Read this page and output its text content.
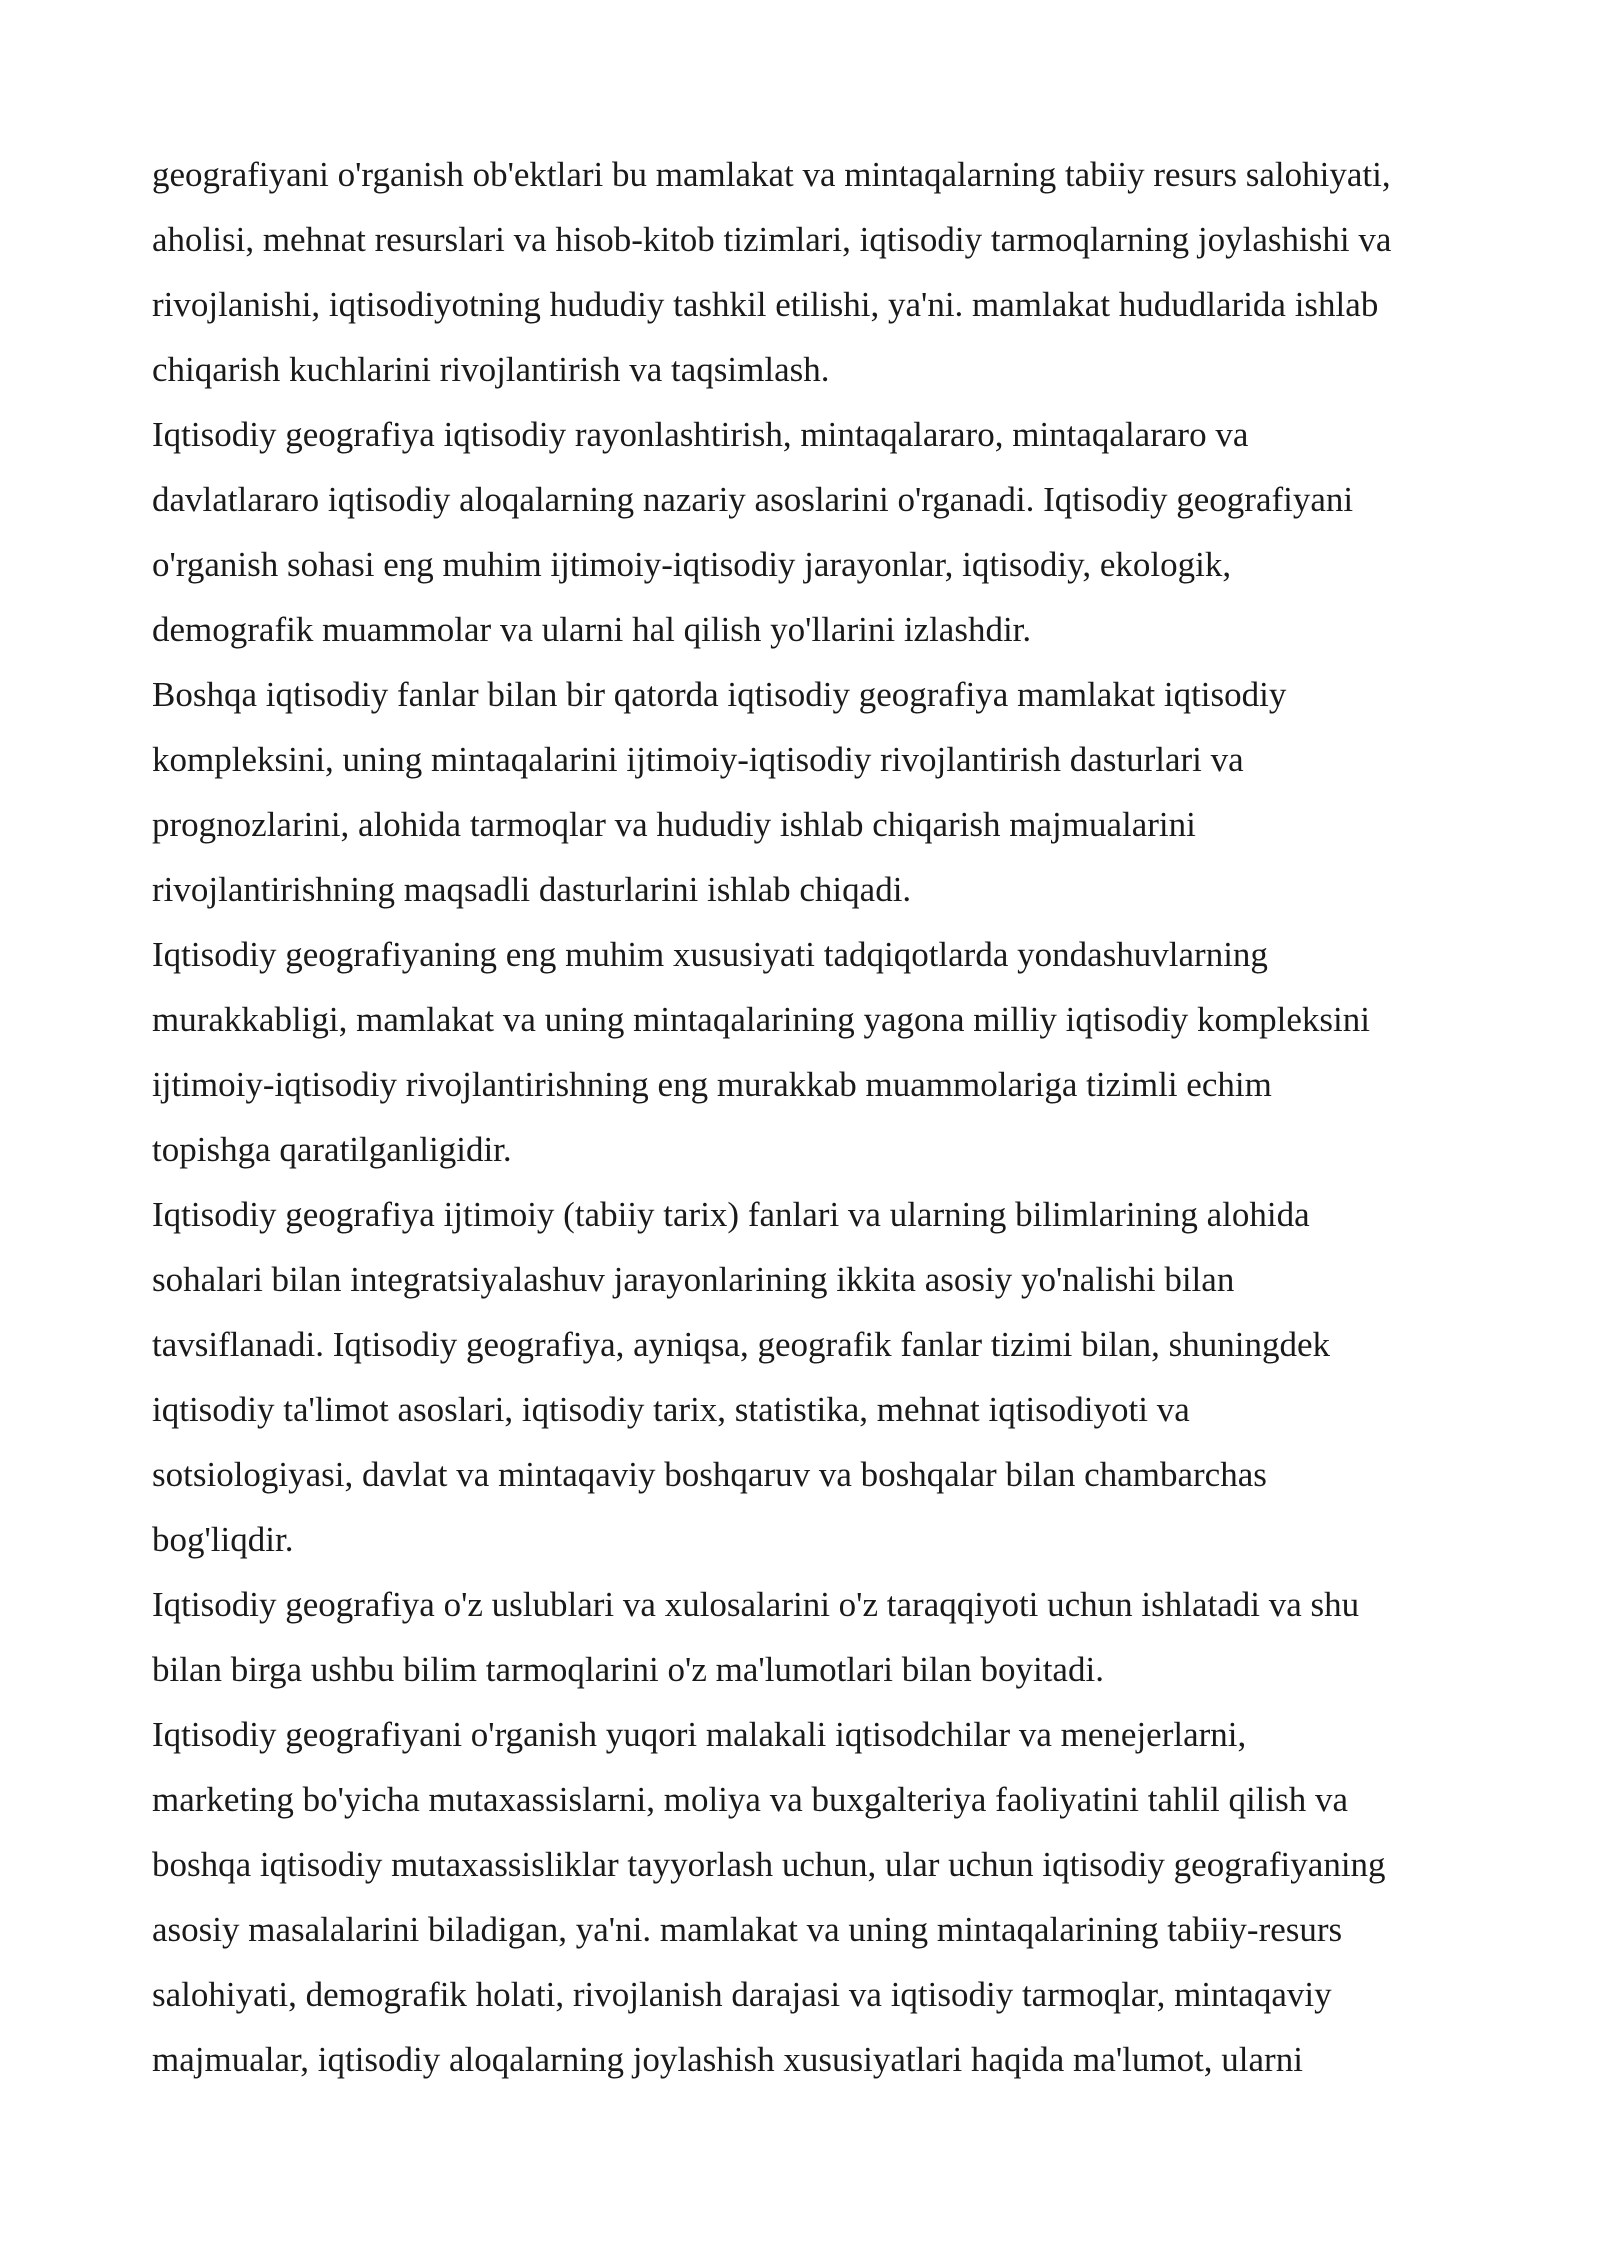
geografiyani o'rganish ob'ektlari bu mamlakat va mintaqalarning tabiiy resurs salohiyati,
aholisi, mehnat resurslari va hisob-kitob tizimlari, iqtisodiy tarmoqlarning joylashishi va
rivojlanishi, iqtisodiyotning hududiy tashkil etilishi, ya'ni. mamlakat hududlarida ishlab
chiqarish kuchlarini rivojlantirish va taqsimlash.
Iqtisodiy geografiya iqtisodiy rayonlashtirish, mintaqalararo, mintaqalararo va
davlatlararo iqtisodiy aloqalarning nazariy asoslarini o'rganadi. Iqtisodiy geografiyani
o'rganish sohasi eng muhim ijtimoiy-iqtisodiy jarayonlar, iqtisodiy, ekologik,
demografik muammolar va ularni hal qilish yo'llarini izlashdir.
Boshqa iqtisodiy fanlar bilan bir qatorda iqtisodiy geografiya mamlakat iqtisodiy
kompleksini, uning mintaqalarini ijtimoiy-iqtisodiy rivojlantirish dasturlari va
prognozlarini, alohida tarmoqlar va hududiy ishlab chiqarish majmualarini
rivojlantirishning maqsadli dasturlarini ishlab chiqadi.
Iqtisodiy geografiyaning eng muhim xususiyati tadqiqotlarda yondashuvlarning
murakkabligi, mamlakat va uning mintaqalarining yagona milliy iqtisodiy kompleksini
ijtimoiy-iqtisodiy rivojlantirishning eng murakkab muammolariga tizimli echim
topishga qaratilganligidir.
Iqtisodiy geografiya ijtimoiy (tabiiy tarix) fanlari va ularning bilimlarining alohida
sohalari bilan integratsiyalashuv jarayonlarining ikkita asosiy yo'nalishi bilan
tavsiflanadi. Iqtisodiy geografiya, ayniqsa, geografik fanlar tizimi bilan, shuningdek
iqtisodiy ta'limot asoslari, iqtisodiy tarix, statistika, mehnat iqtisodiyoti va
sotsiologiyasi, davlat va mintaqaviy boshqaruv va boshqalar bilan chambarchas
bog'liqdir.
Iqtisodiy geografiya o'z uslublari va xulosalarini o'z taraqqiyoti uchun ishlatadi va shu
bilan birga ushbu bilim tarmoqlarini o'z ma'lumotlari bilan boyitadi.
Iqtisodiy geografiyani o'rganish yuqori malakali iqtisodchilar va menejerlarni,
marketing bo'yicha mutaxassislarni, moliya va buxgalteriya faoliyatini tahlil qilish va
boshqa iqtisodiy mutaxassisliklar tayyorlash uchun, ular uchun iqtisodiy geografiyaning
asosiy masalalarini biladigan, ya'ni. mamlakat va uning mintaqalarining tabiiy-resurs
salohiyati, demografik holati, rivojlanish darajasi va iqtisodiy tarmoqlar, mintaqaviy
majmualar, iqtisodiy aloqalarning joylashish xususiyatlari haqida ma'lumot, ularni
